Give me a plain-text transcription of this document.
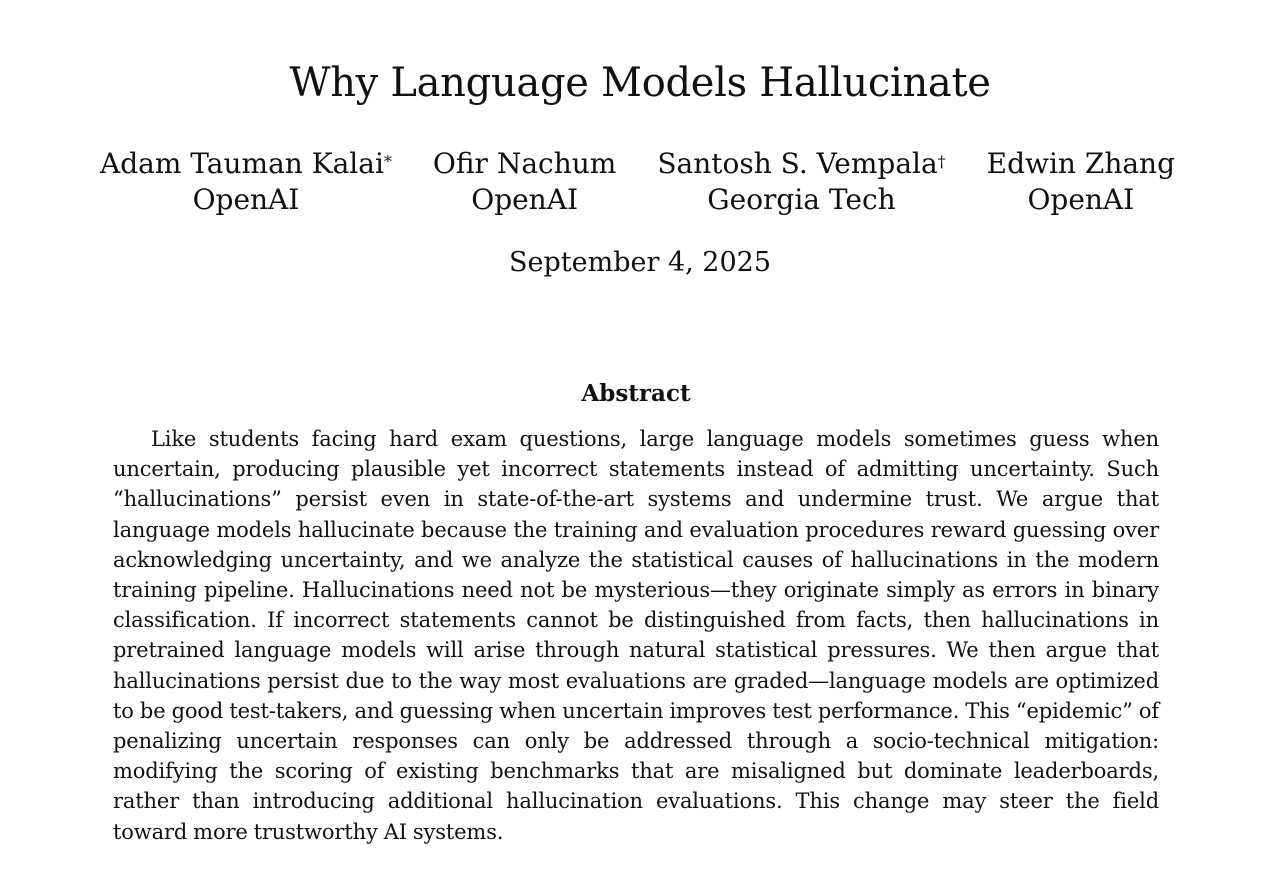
Why Language Models Hallucinate
Adam Tauman Kalai*
OpenAI
Ofir Nachum
OpenAI
Santosh S. Vempala†
Georgia Tech
Edwin Zhang
OpenAI
September 4, 2025
Abstract

Like students facing hard exam questions, large language models sometimes guess when uncertain, producing plausible yet incorrect statements instead of admitting uncertainty. Such “hallucinations” persist even in state-of-the-art systems and undermine trust. We argue that language models hallucinate because the training and evaluation procedures reward guessing over acknowledging uncertainty, and we analyze the statistical causes of hallucinations in the modern training pipeline. Hallucinations need not be mysterious—they originate simply as errors in binary classification. If incorrect statements cannot be distinguished from facts, then hallucinations in pretrained language models will arise through natural statistical pressures. We then argue that hallucinations persist due to the way most evaluations are graded—language models are optimized to be good test-takers, and guessing when uncertain improves test performance. This “epidemic” of penalizing uncertain responses can only be addressed through a socio-technical mitigation: modifying the scoring of existing benchmarks that are misaligned but dominate leaderboards, rather than introducing additional hallucination evaluations. This change may steer the field toward more trustworthy AI systems.
